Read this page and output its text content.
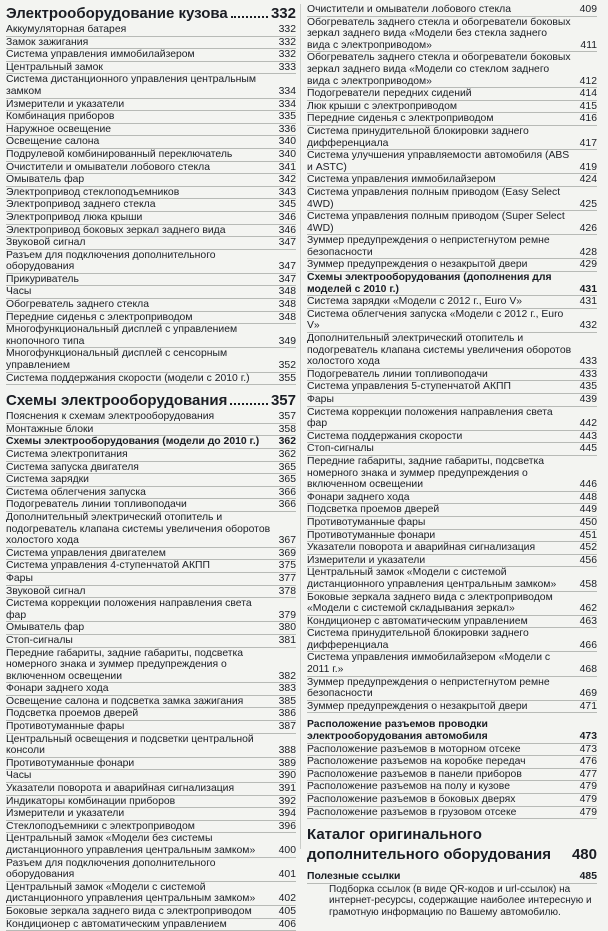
Электрооборудование кузова	332
Аккумуляторная батарея	332
Замок зажигания	332
Система управления иммобилайзером	332
Центральный замок	333
Система дистанционного управления центральным замком	334
Измерители и указатели	334
Комбинация приборов	335
Наружное освещение	336
Освещение салона	340
Подрулевой комбинированный переключатель	340
Очистители и омыватели лобового стекла	341
Омыватель фар	342
Электропривод стеклоподъемников	343
Электропривод заднего стекла	345
Электропривод люка крыши	346
Электропривод боковых зеркал заднего вида	346
Звуковой сигнал	347
Разъем для подключения дополнительного оборудования	347
Прикуриватель	347
Часы	348
Обогреватель заднего стекла	348
Передние сиденья с электроприводом	348
Многофункциональный дисплей с управлением кнопочного типа	349
Многофункциональный дисплей с сенсорным управлением	352
Система поддержания скорости (модели с 2010 г.)	355
Схемы электрооборудования	357
Пояснения к схемам электрооборудования	357
Монтажные блоки	358
Схемы электрооборудования (модели до 2010 г.)	362
Система электропитания	362
Система запуска двигателя	365
Система зарядки	365
Система облегчения запуска	366
Подогреватель линии топливоподачи	366
Дополнительный электрический отопитель и подогреватель клапана системы увеличения оборотов холостого хода	367
Система управления двигателем	369
Система управления 4-ступенчатой АКПП	375
Фары	377
Звуковой сигнал	378
Система коррекции положения направления света фар	379
Омыватель фар	380
Стоп-сигналы	381
Передние габариты, задние габариты, подсветка номерного знака и зуммер предупреждения о включенном освещении	382
Фонари заднего хода	383
Освещение салона и подсветка замка зажигания	385
Подсветка проемов дверей	386
Противотуманные фары	387
Центральный освещения и подсветки центральной консоли	388
Противотуманные фонари	389
Часы	390
Указатели поворота и аварийная сигнализация	391
Индикаторы комбинации приборов	392
Измерители и указатели	394
Стеклоподъемники с электроприводом	396
Центральный замок «Модели без системы дистанционного управления центральным замком»	400
Разъем для подключения дополнительного оборудования	401
Центральный замок «Модели с системой дистанционного управления центральным замком»	402
Боковые зеркала заднего вида с электроприводом	405
Кондиционер с автоматическим управлением	406
Очистители и омыватели лобового стекла	409
Обогреватель заднего стекла и обогреватели боковых зеркал заднего вида «Модели без стекла заднего вида с электроприводом»	411
Обогреватель заднего стекла и обогреватели боковых зеркал заднего вида «Модели со стеклом заднего вида с электроприводом»	412
Подогреватели передних сидений	414
Люк крыши с электроприводом	415
Передние сиденья с электроприводом	416
Система принудительной блокировки заднего дифференциала	417
Система улучшения управляемости автомобиля (ABS и ASTC)	419
Система управления иммобилайзером	424
Система управления полным приводом (Easy Select 4WD)	425
Система управления полным приводом (Super Select 4WD)	426
Зуммер предупреждения о непристегнутом ремне безопасности	428
Зуммер предупреждения о незакрытой двери	429
Схемы электрооборудования (дополнения для моделей с 2010 г.)	431
Система зарядки «Модели с 2012 г., Euro V»	431
Система облегчения запуска «Модели с 2012 г., Euro V»	432
Дополнительный электрический отопитель и подогреватель клапана системы увеличения оборотов холостого хода	433
Подогреватель линии топливоподачи	433
Система управления 5-ступенчатой АКПП	435
Фары	439
Система коррекции положения направления света фар	442
Система поддержания скорости	443
Стоп-сигналы	445
Передние габариты, задние габариты, подсветка номерного знака и зуммер предупреждения о включенном освещении	446
Фонари заднего хода	448
Подсветка проемов дверей	449
Противотуманные фары	450
Противотуманные фонари	451
Указатели поворота и аварийная сигнализация	452
Измерители и указатели	456
Центральный замок «Модели с системой дистанционного управления центральным замком»	458
Боковые зеркала заднего вида с электроприводом «Модели с системой складывания зеркал»	462
Кондиционер с автоматическим управлением	463
Система принудительной блокировки заднего дифференциала	466
Система управления иммобилайзером «Модели с 2011 г.»	468
Зуммер предупреждения о непристегнутом ремне безопасности	469
Зуммер предупреждения о незакрытой двери	471
Расположение разъемов проводки электрооборудования автомобиля	473
Расположение разъемов в моторном отсеке	473
Расположение разъемов на коробке передач	476
Расположение разъемов в панели приборов	477
Расположение разъемов на полу и кузове	479
Расположение разъемов в боковых дверях	479
Расположение разъемов в грузовом отсеке	479
Каталог оригинального дополнительного оборудования 480
Полезные ссылки	485
Подборка ссылок (в виде QR-кодов и url-ссылок) на интернет-ресурсы, содержащие наиболее интересную и грамотную информацию по Вашему автомобилю.
